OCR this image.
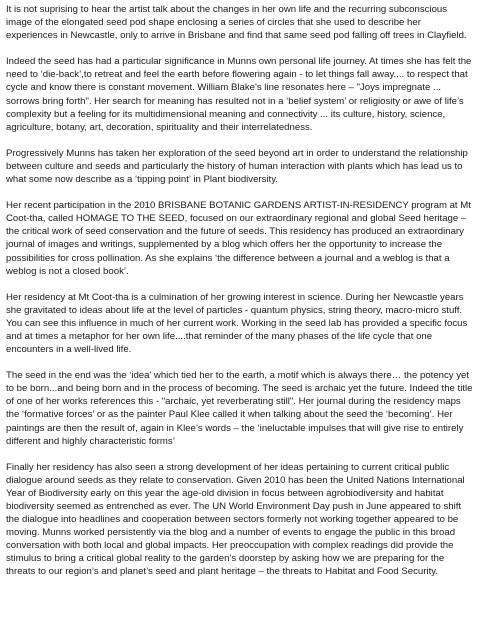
It is not suprising to hear the artist talk about the changes in her own life and the recurring subconscious image of the elongated seed pod shape enclosing a series of circles that she used to describe her experiences in Newcastle, only to arrive in Brisbane and find that same seed pod falling off trees in Clayfield.

Indeed the seed has had a particular significance in Munns own personal life journey. At times she has felt the need to ‘die-back’,to retreat and feel the earth before flowering again - to let things fall away.... to respect that cycle and know there is constant movement. William Blake's line resonates here – "Joys impregnate ... sorrows bring forth". Her search for meaning has resulted not in a ‘belief system’ or religiosity or awe of life’s complexity but a feeling for its multidimensional meaning and connectivity ... its culture, history, science, agriculture, botany, art, decoration, spirituality and their interrelatedness.

Progressively Munns has taken her exploration of the seed beyond art in order to understand the relationship between culture and seeds and particularly the history of human interaction with plants which has lead us to what some now describe as a ‘tipping point’ in Plant biodiversity.

Her recent participation in the 2010 BRISBANE BOTANIC GARDENS ARTIST-IN-RESIDENCY program at Mt Coot-tha, called HOMAGE TO THE SEED, focused on our extraordinary regional and global Seed heritage – the critical work of seed conservation and the future of seeds. This residency has produced an extraordinary journal of images and writings, supplemented by a blog which offers her the opportunity to increase the possibilities for cross pollination. As she explains ‘the difference between a journal and a weblog is that a weblog is not a closed book’.

Her residency at Mt Coot-tha is a culmination of her growing interest in science. During her Newcastle years she gravitated to ideas about life at the level of particles - quantum physics, string theory, macro-micro stuff. You can see this influence in much of her current work. Working in the seed lab has provided a specific focus and at times a metaphor for her own life....that reminder of the many phases of the life cycle that one encounters in a well-lived life.

The seed in the end was the ‘idea’ which tied her to the earth, a motif which is always there… the potency yet to be born...and being born and in the process of becoming. The seed is archaic yet the future. Indeed the title of one of her works references this - "archaic, yet reverberating still". Her journal during the residency maps the ‘formative forces’ or as the painter Paul Klee called it when talking about the seed the ‘becoming’. Her paintings are then the result of, again in Klee’s words – the ‘ineluctable impulses that will give rise to entirely different and highly characteristic forms’

Finally her residency has also seen a strong development of her ideas pertaining to current critical public dialogue around seeds as they relate to conservation. Given 2010 has been the United Nations International Year of Biodiversity early on this year the age-old division in focus between agrobiodiversity and habitat biodiversity seemed as entrenched as ever. The UN World Environment Day push in June appeared to shift the dialogue into headlines and cooperation between sectors formerly not working together appeared to be moving. Munns worked persistently via the blog and a number of events to engage the public in this broad conversation with both local and global impacts. Her preoccupation with complex readings did provide the stimulus to bring a critical global reality to the garden’s doorstep by asking how we are preparing for the threats to our region’s and planet’s seed and plant heritage – the threats to Habitat and Food Security.
